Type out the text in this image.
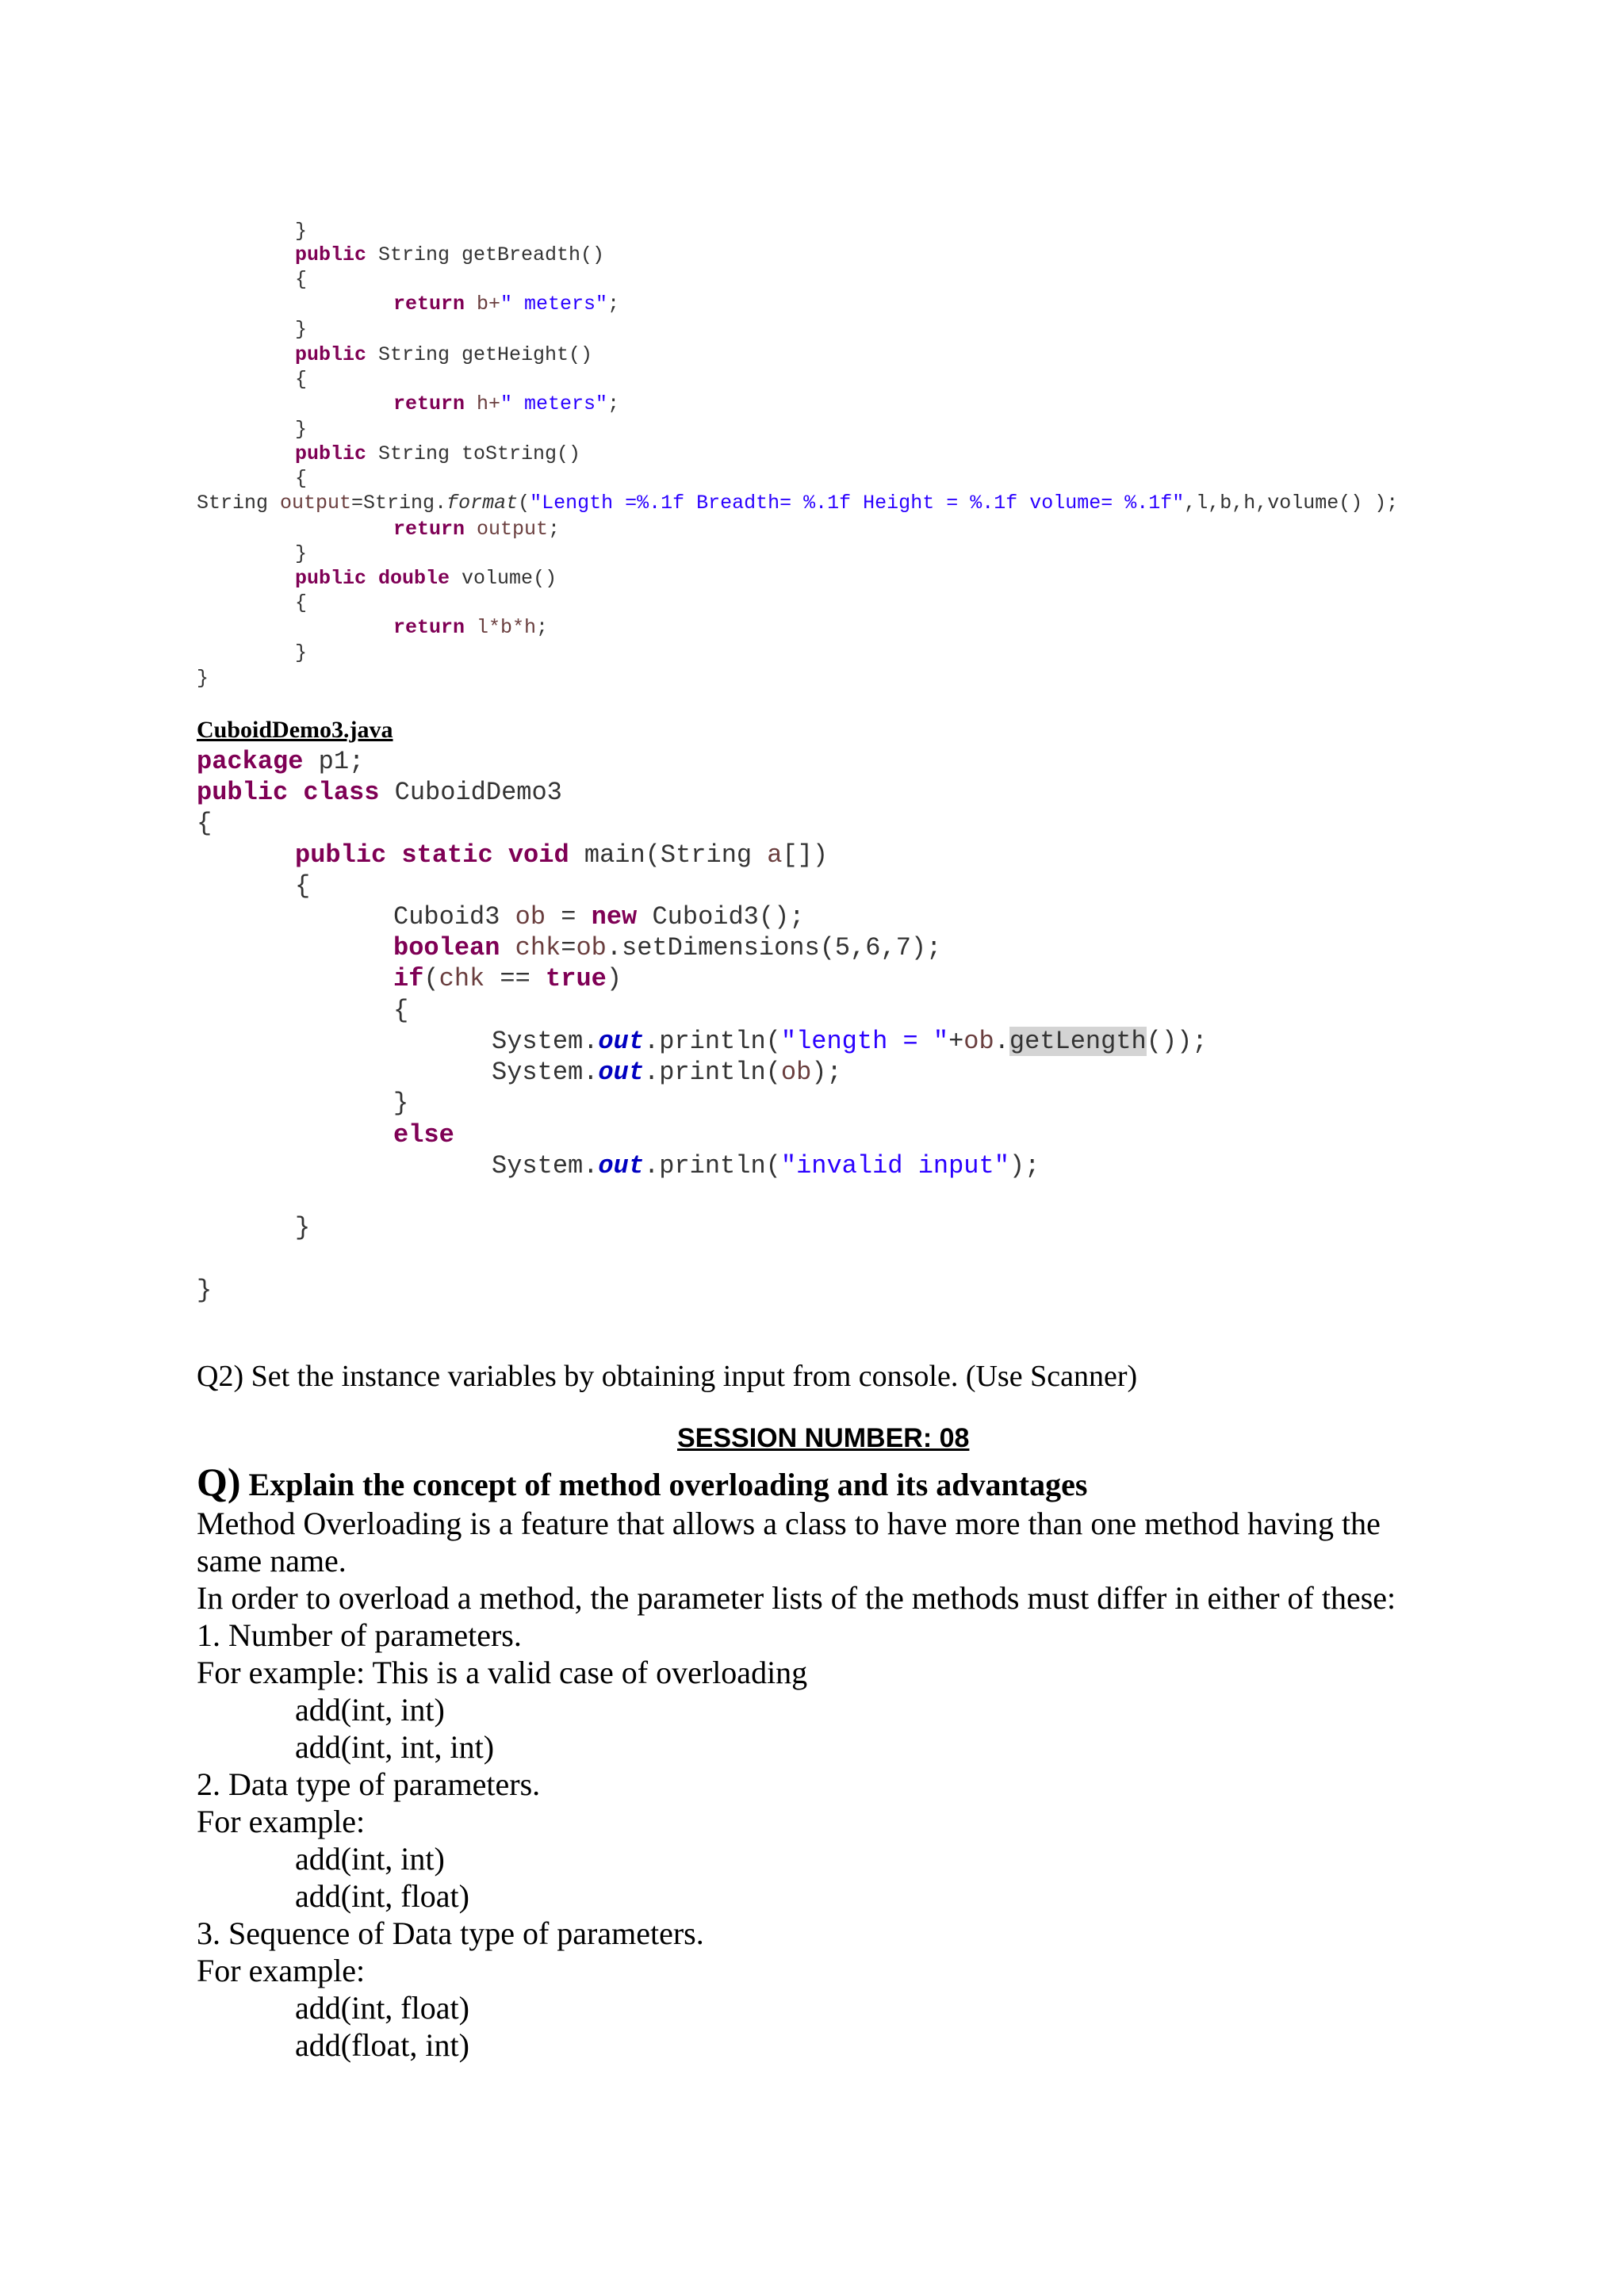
}

public String getBreadth()

{

return b+" meters";

}

public String getHeight()

{

return h+" meters";

}

public String toString()

{

String output=String.format("Length =%.1f Breadth= %.1f Height = %.1f volume= %.1f",l,b,h,volume() );

return output;

}

public double volume()

{

return l*b*h;

}

}

CuboidDemo3.java

package p1;

public class CuboidDemo3

{

public static void main(String a[])

{

Cuboid3 ob = new Cuboid3();

boolean chk=ob.setDimensions(5,6,7);

if(chk == true)

{

System.out.println("length = "+ob.getLength());

System.out.println(ob);

}

else

System.out.println("invalid input");

}

}

Q2) Set the instance variables by obtaining input from console. (Use Scanner)
SESSION NUMBER: 08
Q) Explain the concept of method overloading and its advantages
Method Overloading is a feature that allows a class to have more than one method having the
same name.
In order to overload a method, the parameter lists of the methods must differ in either of these:
1. Number of parameters.
For example: This is a valid case of overloading
add(int, int)
add(int, int, int)
2. Data type of parameters.
For example:
add(int, int)
add(int, float)
3. Sequence of Data type of parameters.
For example:
add(int, float)
add(float, int)
